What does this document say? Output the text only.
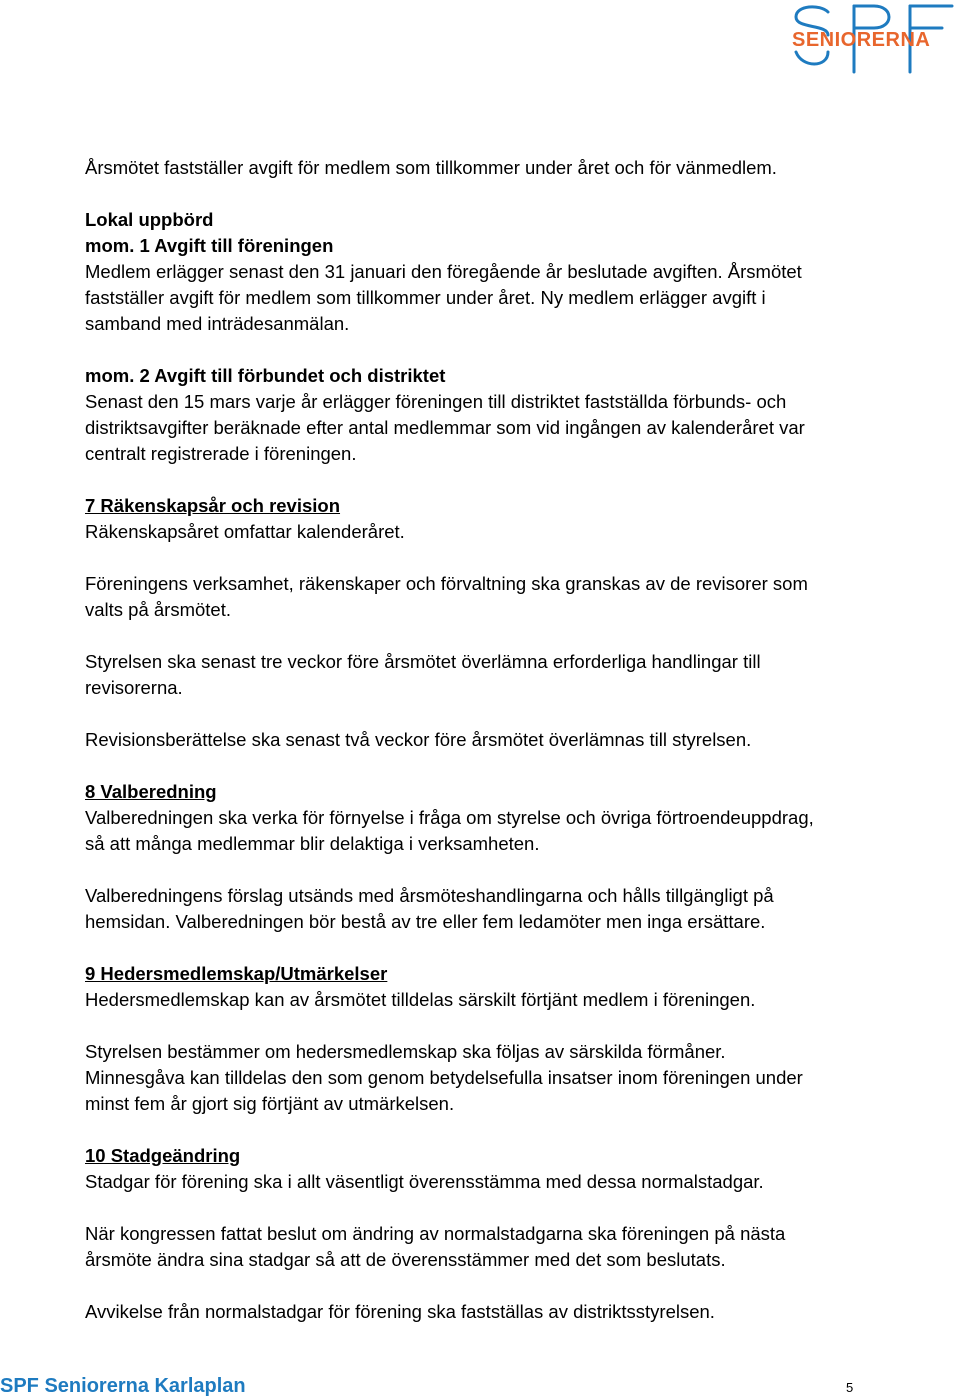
SENIORERNA
Årsmötet fastställer avgift för medlem som tillkommer under året och för vänmedlem.
Lokal uppbörd
mom. 1 Avgift till föreningen
Medlem erlägger senast den 31 januari den föregående år beslutade avgiften. Årsmötet
fastställer avgift för medlem som tillkommer under året. Ny medlem erlägger avgift i
samband med inträdesanmälan.
mom. 2 Avgift till förbundet och distriktet
Senast den 15 mars varje år erlägger föreningen till distriktet fastställda förbunds- och
distriktsavgifter beräknade efter antal medlemmar som vid ingången av kalenderåret var
centralt registrerade i föreningen.
7 Räkenskapsår och revision
Räkenskapsåret omfattar kalenderåret.
Föreningens verksamhet, räkenskaper och förvaltning ska granskas av de revisorer som
valts på årsmötet.
Styrelsen ska senast tre veckor före årsmötet överlämna erforderliga handlingar till
revisorerna.
Revisionsberättelse ska senast två veckor före årsmötet överlämnas till styrelsen.
8 Valberedning
Valberedningen ska verka för förnyelse i fråga om styrelse och övriga förtroendeuppdrag,
så att många medlemmar blir delaktiga i verksamheten.
Valberedningens förslag utsänds med årsmöteshandlingarna och hålls tillgängligt på
hemsidan. Valberedningen bör bestå av tre eller fem ledamöter men inga ersättare.
9 Hedersmedlemskap/Utmärkelser
Hedersmedlemskap kan av årsmötet tilldelas särskilt förtjänt medlem i föreningen.
Styrelsen bestämmer om hedersmedlemskap ska följas av särskilda förmåner.
Minnesgåva kan tilldelas den som genom betydelsefulla insatser inom föreningen under
minst fem år gjort sig förtjänt av utmärkelsen.
10 Stadgeändring
Stadgar för förening ska i allt väsentligt överensstämma med dessa normalstadgar.
När kongressen fattat beslut om ändring av normalstadgarna ska föreningen på nästa
årsmöte ändra sina stadgar så att de överensstämmer med det som beslutats.
Avvikelse från normalstadgar för förening ska fastställas av distriktsstyrelsen.
SPF Seniorerna Karlaplan	5
